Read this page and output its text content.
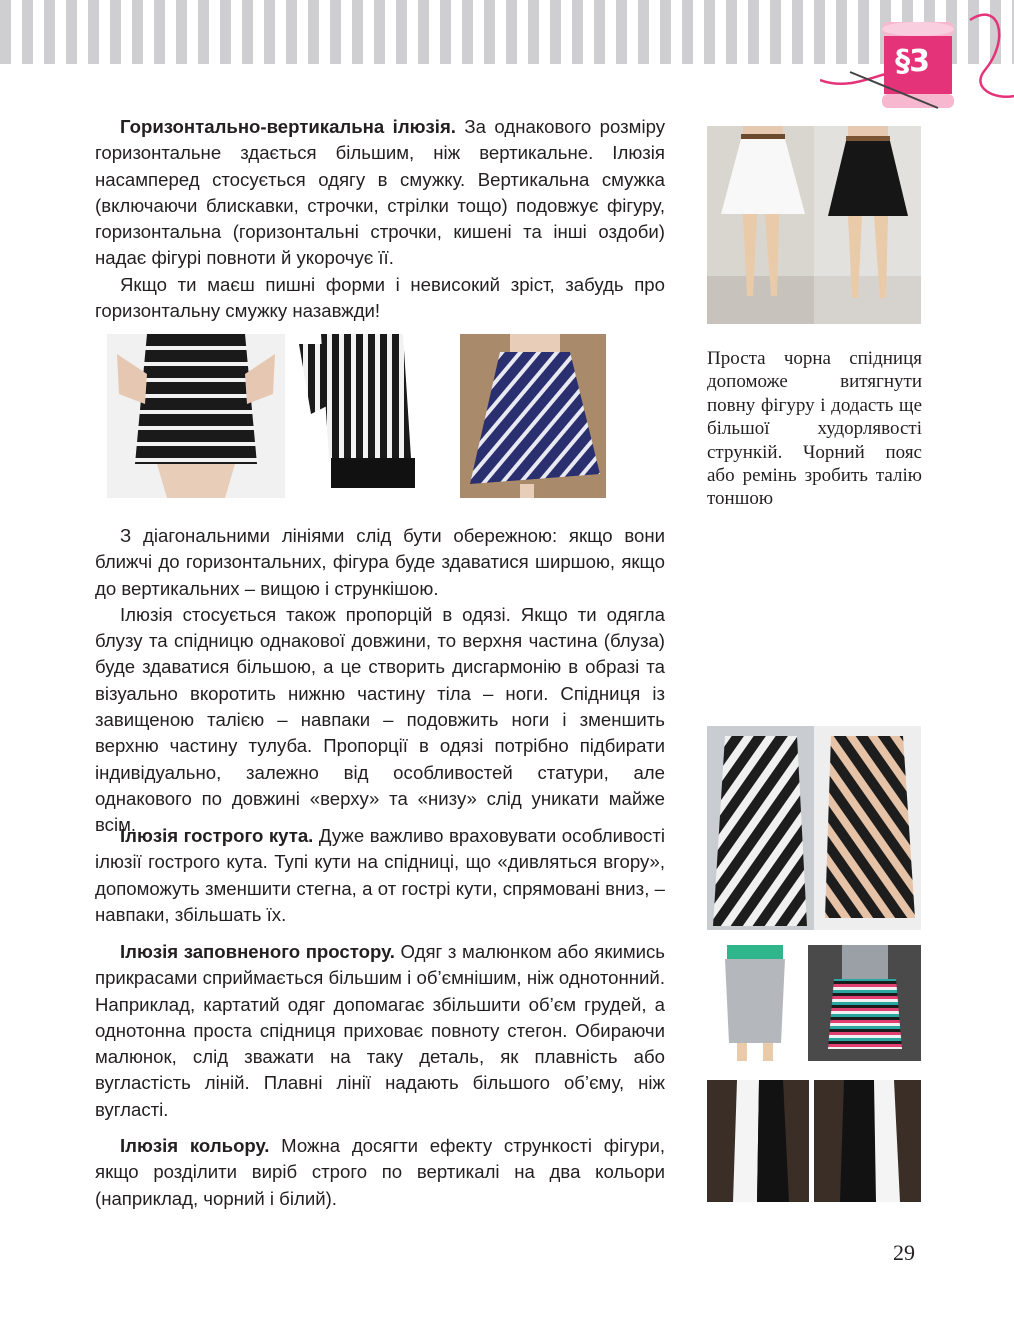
§3

Горизонтально-вертикальна ілюзія. За однакового розміру горизонтальне здається більшим, ніж вертикальне. Ілюзія насамперед стосується одягу в смужку. Вертикальна смужка (включаючи блискавки, строчки, стрілки тощо) подовжує фігуру, горизонтальна (горизонтальні строчки, кишені та інші оздоби) надає фігурі повноти й укорочує її.

Якщо ти маєш пишні форми і невисокий зріст, забудь про горизонтальну смужку назавжди!

Проста чорна спідниця допоможе витягнути повну фігуру і додасть ще більшої худорлявості стрункій. Чорний пояс або ремінь зробить талію тоншою

З діагональними лініями слід бути обережною: якщо вони ближчі до горизонтальних, фігура буде здаватися ширшою, якщо до вертикальних – вищою і стрункішою.

Ілюзія стосується також пропорцій в одязі. Якщо ти одягла блузу та спідницю однакової довжини, то верхня частина (блуза) буде здаватися більшою, а це створить дисгармонію в образі та візуально вкоротить нижню частину тіла – ноги. Спідниця із завищеною талією – навпаки – подовжить ноги і зменшить верхню частину тулуба. Пропорції в одязі потрібно підбирати індивідуально, залежно від особливостей статури, але однакового по довжині «верху» та «низу» слід уникати майже всім.

Ілюзія гострого кута. Дуже важливо враховувати особливості ілюзії гострого кута. Тупі кути на спідниці, що «дивляться вгору», допоможуть зменшити стегна, а от гострі кути, спрямовані вниз, – навпаки, збільшать їх.

Ілюзія заповненого простору. Одяг з малюнком або якимись прикрасами сприймається більшим і об’ємнішим, ніж однотонний. Наприклад, картатий одяг допомагає збільшити об’єм грудей, а однотонна проста спідниця приховає повноту стегон. Обираючи малюнок, слід зважати на таку деталь, як плавність або вугластість ліній. Плавні лінії надають більшого об’єму, ніж вугласті.

Ілюзія кольору. Можна досягти ефекту стрункості фігури, якщо розділити виріб строго по вертикалі на два кольори (наприклад, чорний і білий).

29
